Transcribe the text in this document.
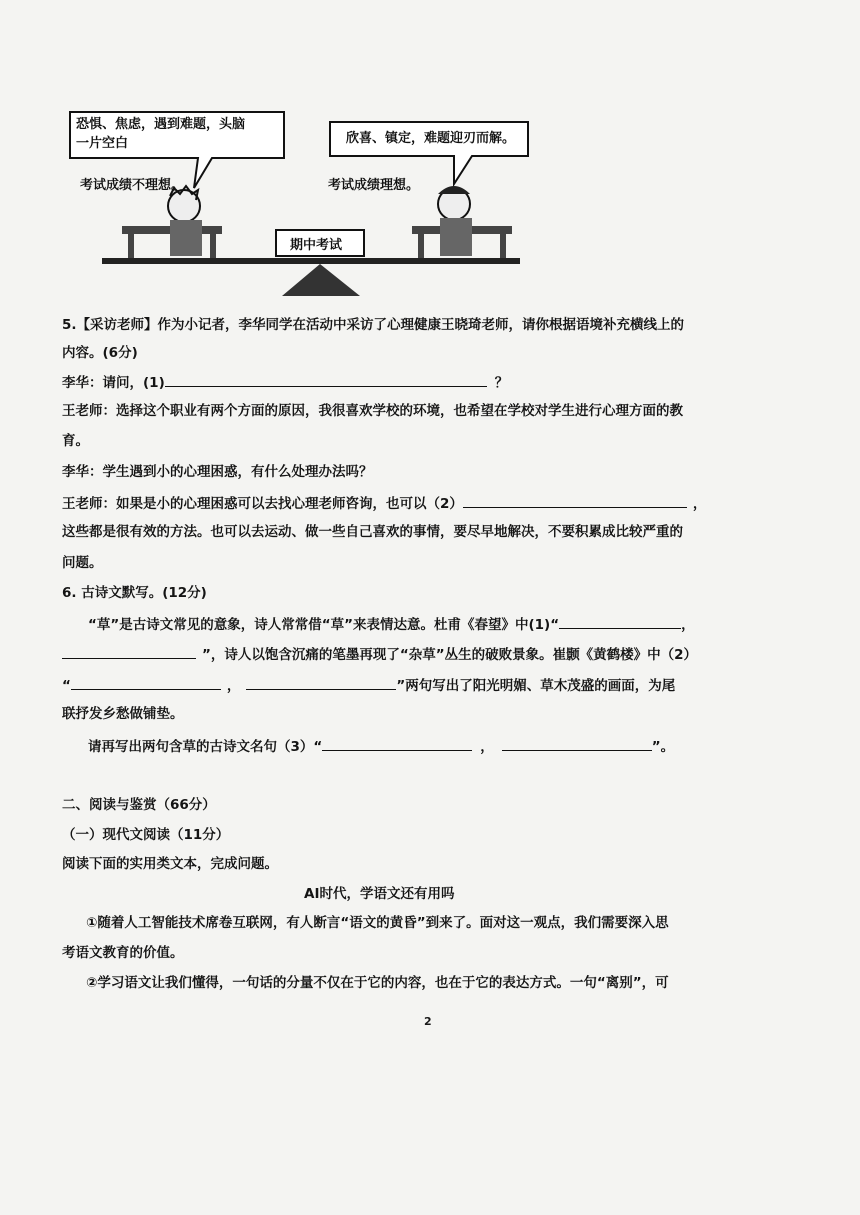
恐惧、焦虑，遇到难题，头脑
一片空白	欣喜、镇定，难题迎刃而解。
考试成绩不理想。	考试成绩理想。
期中考试
5.【采访老师】作为小记者，李华同学在活动中采访了心理健康王晓琦老师，请你根据语境补充横线上的
内容。(6分)
李华：请问，(1)	？
王老师：选择这个职业有两个方面的原因，我很喜欢学校的环境，也希望在学校对学生进行心理方面的教
育。
李华：学生遇到小的心理困惑，有什么处理办法吗？
王老师：如果是小的心理困惑可以去找心理老师咨询，也可以（2）	，
这些都是很有效的方法。也可以去运动、做一些自己喜欢的事情，要尽早地解决，不要积累成比较严重的
问题。
6. 古诗文默写。(12分)
“草”是古诗文常见的意象，诗人常常借“草”来表情达意。杜甫《春望》中(1)“	，
”，诗人以饱含沉痛的笔墨再现了“杂草”丛生的破败景象。崔颢《黄鹤楼》中（2）
“	，	”两句写出了阳光明媚、草木茂盛的画面，为尾
联抒发乡愁做铺垫。
请再写出两句含草的古诗文名句（3）“	，	”。
二、阅读与鉴赏（66分）
（一）现代文阅读（11分）
阅读下面的实用类文本，完成问题。
AI时代，学语文还有用吗
①随着人工智能技术席卷互联网，有人断言“语文的黄昏”到来了。面对这一观点，我们需要深入思
考语文教育的价值。
②学习语文让我们懂得，一句话的分量不仅在于它的内容，也在于它的表达方式。一句“离别”，可
2
